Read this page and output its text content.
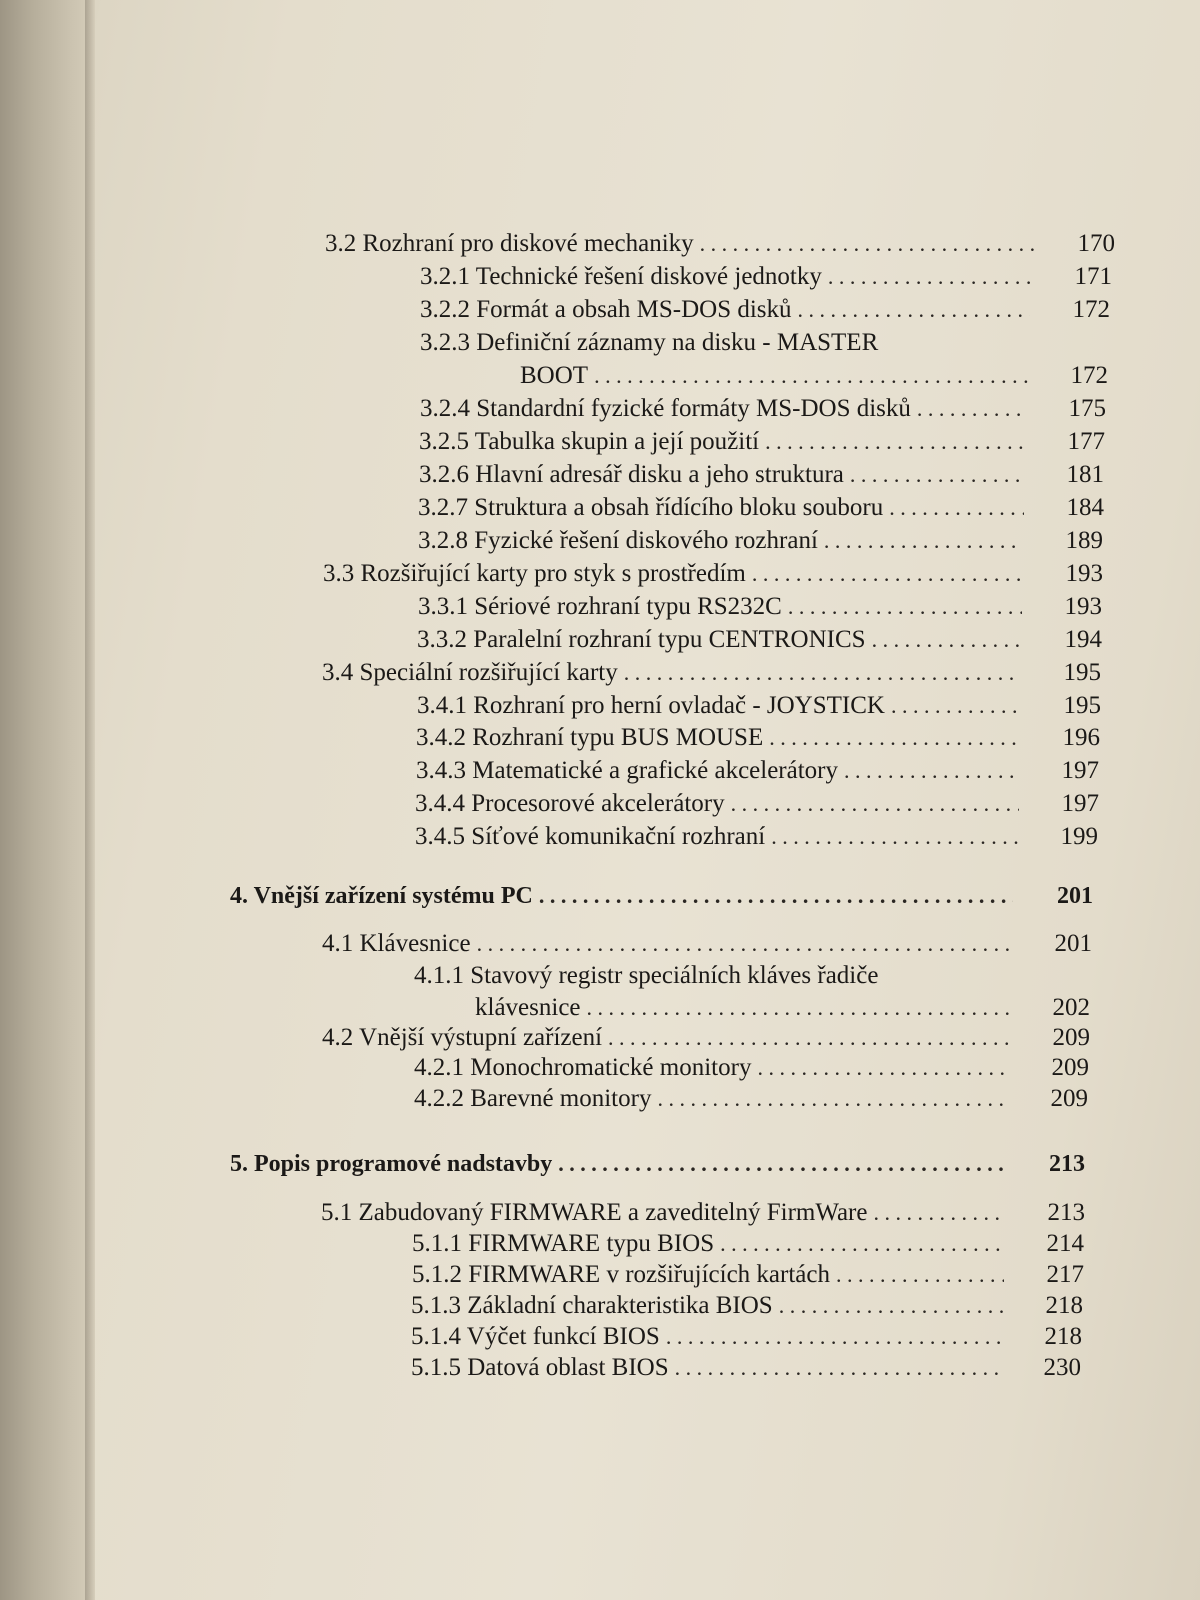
3.2 Rozhraní pro diskové mechaniky . . .	170
3.2.1 Technické řešení diskové jednotky . . .	171
3.2.2 Formát a obsah MS-DOS disků . . .	172
3.2.3 Definiční záznamy na disku - MASTER
BOOT . . .	172
3.2.4 Standardní fyzické formáty MS-DOS disků . . .	175
3.2.5 Tabulka skupin a její použití . . .	177
3.2.6 Hlavní adresář disku a jeho struktura . . .	181
3.2.7 Struktura a obsah řídícího bloku souboru . . .	184
3.2.8 Fyzické řešení diskového rozhraní . . .	189
3.3 Rozšiřující karty pro styk s prostředím . . .	193
3.3.1 Sériové rozhraní typu RS232C . . .	193
3.3.2 Paralelní rozhraní typu CENTRONICS . . .	194
3.4 Speciální rozšiřující karty . . .	195
3.4.1 Rozhraní pro herní ovladač - JOYSTICK . . .	195
3.4.2 Rozhraní typu BUS MOUSE . . .	196
3.4.3 Matematické a grafické akcelerátory . . .	197
3.4.4 Procesorové akcelerátory . . .	197
3.4.5 Síťové komunikační rozhraní . . .	199
4. Vnější zařízení systému PC . . .	201
4.1 Klávesnice . . .	201
4.1.1 Stavový registr speciálních kláves řadiče
klávesnice . . .	202
4.2 Vnější výstupní zařízení . . .	209
4.2.1 Monochromatické monitory . . .	209
4.2.2 Barevné monitory . . .	209
5. Popis programové nadstavby . . .	213
5.1 Zabudovaný FIRMWARE a zaveditelný FirmWare . . .	213
5.1.1 FIRMWARE typu BIOS . . .	214
5.1.2 FIRMWARE v rozšiřujících kartách . . .	217
5.1.3 Základní charakteristika BIOS . . .	218
5.1.4 Výčet funkcí BIOS . . .	218
5.1.5 Datová oblast BIOS . . .	230
